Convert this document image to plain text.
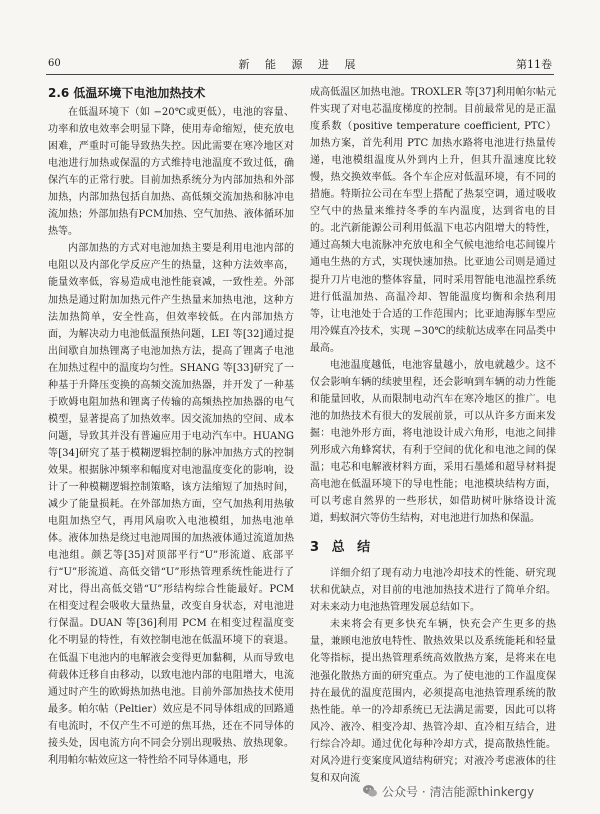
60	新 能 源 进 展	第11卷
2.6 低温环境下电池加热技术

在低温环境下（如 −20℃或更低），电池的容量、功率和放电效率会明显下降，使用寿命缩短，使充放电困难，严重时可能导致热失控。因此需要在寒冷地区对电池进行加热或保温的方式维持电池温度不致过低，确保汽车的正常行驶。目前加热系统分为内部加热和外部加热，内部加热包括自加热、高低频交流加热和脉冲电流加热；外部加热有PCM加热、空气加热、液体循环加热等。

内部加热的方式对电池加热主要是利用电池内部的电阻以及内部化学反应产生的热量，这种方法效率高，能量效率低，容易造成电池性能衰减，一致性差。外部加热是通过附加加热元件产生热量来加热电池，这种方法加热简单，安全性高，但效率较低。在内部加热方面，为解决动力电池低温预热问题，LEI 等[32]通过提出间歇自加热锂离子电池加热方法，提高了锂离子电池在加热过程中的温度均匀性。SHANG 等[33]研究了一种基于升降压变换的高频交流加热器，并开发了一种基于欧姆电阻加热和锂离子传输的高频热控加热器的电气模型，显著提高了加热效率。因交流加热的空间、成本问题，导致其并没有普遍应用于电动汽车中。HUANG 等[34]研究了基于模糊逻辑控制的脉冲加热方式的控制效果。根据脉冲频率和幅度对电池温度变化的影响，设计了一种模糊逻辑控制策略，该方法缩短了加热时间，减少了能量损耗。在外部加热方面，空气加热利用热敏电阻加热空气，再用风扇吹入电池模组，加热电池单体。液体加热是绕过电池周围的加热液体通过流道加热电池组。颜艺等[35]对顶部平行“U”形流道、底部平行“U”形流道、高低交错“U”形热管理系统性能进行了对比，得出高低交错“U”形结构综合性能最好。PCM 在相变过程会吸收大量热量，改变自身状态，对电池进行保温。DUAN 等[36]利用 PCM 在相变过程温度变化不明显的特性，有效控制电池在低温环境下的衰退。在低温下电池内的电解液会变得更加黏稠，从而导致电荷载体迁移自由移动，以致电池内部的电阻增大，电流通过时产生的欧姆热加热电池。目前外部加热技术使用最多。帕尔帖（Peltier）效应是不同导体组成的回路通有电流时，不仅产生不可逆的焦耳热，还在不同导体的接头处，因电流方向不同会分别出现吸热、放热现象。利用帕尔帖效应这一特性给不同导体通电，形

成高低温区加热电池。TROXLER 等[37]利用帕尔帖元件实现了对电芯温度梯度的控制。目前最常见的是正温度系数（positive temperature coefficient, PTC）加热方案，首先利用 PTC 加热水路将电池进行热量传递，电池模组温度从外到内上升，但其升温速度比较慢，热交换效率低。各个车企应对低温环境，有不同的措施。特斯拉公司在车型上搭配了热泵空调，通过吸收空气中的热量来维持冬季的车内温度，达到省电的目的。北汽新能源公司利用低温下电芯内阻增大的特性，通过高频大电流脉冲充放电和全气候电池给电芯间镍片通电生热的方式，实现快速加热。比亚迪公司则是通过提升刀片电池的整体容量，同时采用智能电池温控系统进行低温加热、高温冷却、智能温度均衡和余热利用等，让电池处于合适的工作范围内；比亚迪海豚车型应用冷媒直冷技术，实现 −30℃的续航达成率在同品类中最高。

电池温度越低，电池容量越小，放电就越少。这不仅会影响车辆的续驶里程，还会影响到车辆的动力性能和能量回收，从而限制电动汽车在寒冷地区的推广。电池的加热技术有很大的发展前景，可以从许多方面来发掘：电池外形方面，将电池设计成六角形，电池之间排列形成六角蜂窝状，有利于空间的优化和电池之间的保温；电芯和电解液材料方面，采用石墨烯和超导材料提高电池在低温环境下的导电性能；电池模块结构方面，可以考虑自然界的一些形状，如借助树叶脉络设计流道，蚂蚁洞穴等仿生结构，对电池进行加热和保温。

3 总 结

详细介绍了现有动力电池冷却技术的性能、研究现状和优缺点，对目前的电池加热技术进行了简单介绍。对未来动力电池热管理发展总结如下。

未来将会有更多快充车辆，快充会产生更多的热量，兼顾电池放电特性、散热效果以及系统能耗和轻量化等指标，提出热管理系统高效散热方案，是将来在电池强化散热方面的研究重点。为了使电池的工作温度保持在最优的温度范围内，必须提高电池热管理系统的散热性能。单一的冷却系统已无法满足需要，因此可以将风冷、液冷、相变冷却、热管冷却、直冷相互结合，进行综合冷却。通过优化每种冷却方式，提高散热性能。对风冷进行变案度风道结构研究；对液冷考虑液体的往复和双向流

公众号 · 清洁能源thinkergy
